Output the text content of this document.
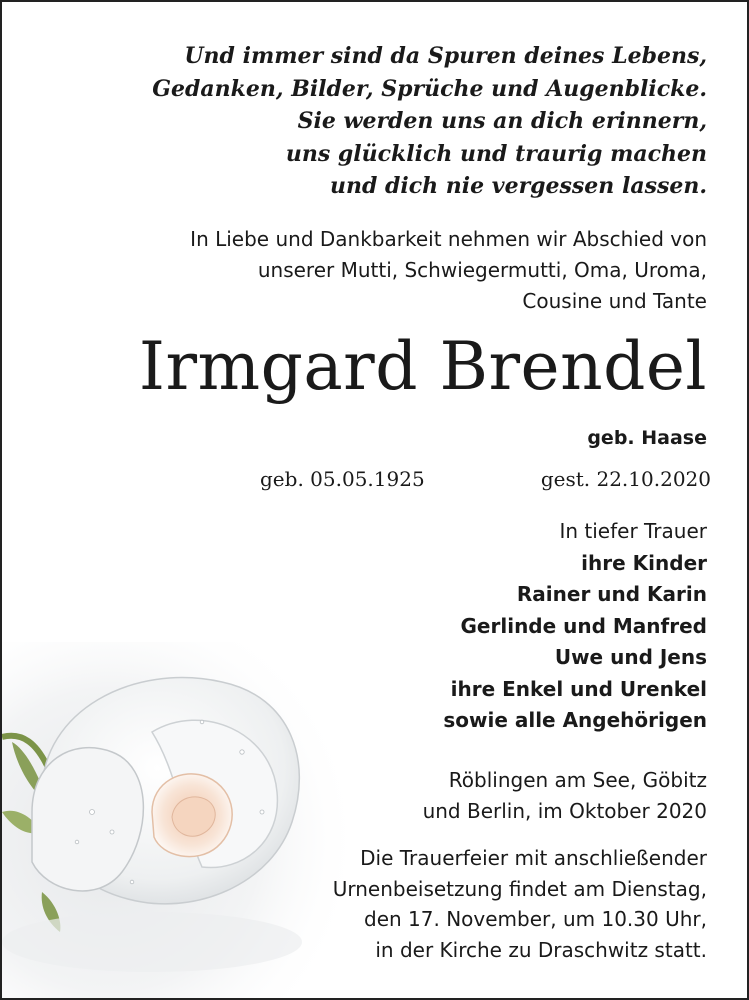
Und immer sind da Spuren deines Lebens,
Gedanken, Bilder, Sprüche und Augenblicke.
Sie werden uns an dich erinnern,
uns glücklich und traurig machen
und dich nie vergessen lassen.
In Liebe und Dankbarkeit nehmen wir Abschied von
unserer Mutti, Schwiegermutti, Oma, Uroma,
Cousine und Tante
Irmgard Brendel
geb. Haase
geb. 05.05.1925	gest. 22.10.2020
In tiefer Trauer
ihre Kinder
Rainer und Karin
Gerlinde und Manfred
Uwe und Jens
ihre Enkel und Urenkel
sowie alle Angehörigen
Röblingen am See, Göbitz
und Berlin, im Oktober 2020
Die Trauerfeier mit anschließender
Urnenbeisetzung findet am Dienstag,
den 17. November, um 10.30 Uhr,
in der Kirche zu Draschwitz statt.
